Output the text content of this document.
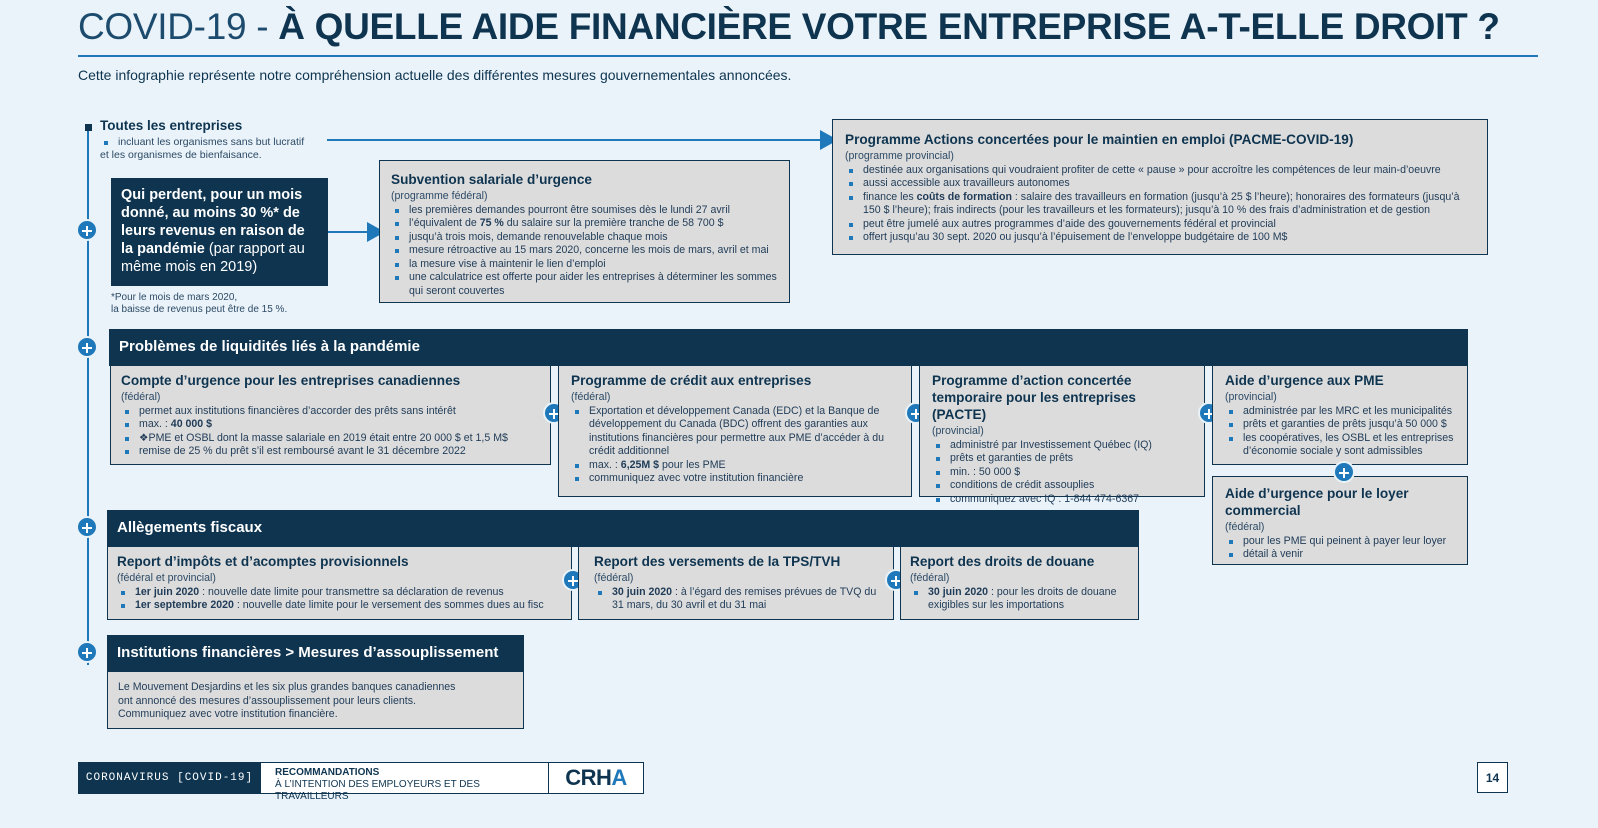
COVID-19 - À QUELLE AIDE FINANCIÈRE VOTRE ENTREPRISE A-T-ELLE DROIT ?
Cette infographie représente notre compréhension actuelle des différentes mesures gouvernementales annoncées.
Toutes les entreprises
incluant les organismes sans but lucratif
et les organismes de bienfaisance.
Qui perdent, pour un mois donné, au moins 30 %* de leurs revenus en raison de la pandémie (par rapport au même mois en 2019)
*Pour le mois de mars 2020,
la baisse de revenus peut être de 15 %.
Programme Actions concertées pour le maintien en emploi (PACME-COVID-19)
(programme provincial)
destinée aux organisations qui voudraient profiter de cette « pause » pour accroître les compétences de leur main-d’oeuvre
aussi accessible aux travailleurs autonomes
finance les coûts de formation : salaire des travailleurs en formation (jusqu’à 25 $ l’heure); honoraires des formateurs (jusqu’à 150 $ l’heure); frais indirects (pour les travailleurs et les formateurs); jusqu’à 10 % des frais d’administration et de gestion
peut être jumelé aux autres programmes d’aide des gouvernements fédéral et provincial
offert jusqu’au 30 sept. 2020 ou jusqu’à l’épuisement de l’enveloppe budgétaire de 100 M$
Subvention salariale d’urgence
(programme fédéral)
les premières demandes pourront être soumises dès le lundi 27 avril
l’équivalent de 75 % du salaire sur la première tranche de 58 700 $
jusqu’à trois mois, demande renouvelable chaque mois
mesure rétroactive au 15 mars 2020, concerne les mois de mars, avril et mai
la mesure vise à maintenir le lien d’emploi
une calculatrice est offerte pour aider les entreprises à déterminer les sommes qui seront couvertes
Problèmes de liquidités liés à la pandémie
Compte d’urgence pour les entreprises canadiennes
(fédéral)
permet aux institutions financières d’accorder des prêts sans intérêt
max. : 40 000 $
❖PME et OSBL dont la masse salariale en 2019 était entre 20 000 $ et 1,5 M$
remise de 25 % du prêt s’il est remboursé avant le 31 décembre 2022
Programme de crédit aux entreprises
(fédéral)
Exportation et développement Canada (EDC) et la Banque de développement du Canada (BDC) offrent des garanties aux institutions financières pour permettre aux PME d’accéder à du crédit additionnel
max. : 6,25M $ pour les PME
communiquez avec votre institution financière
Programme d’action concertée temporaire pour les entreprises (PACTE)
(provincial)
administré par Investissement Québec (IQ)
prêts et garanties de prêts
min. : 50 000 $
conditions de crédit assouplies
communiquez avec IQ : 1-844 474-6367
Aide d’urgence aux PME
(provincial)
administrée par les MRC et les municipalités
prêts et garanties de prêts jusqu’à 50 000 $
les coopératives, les OSBL et les entreprises d’économie sociale y sont admissibles
Aide d’urgence pour le loyer commercial
(fédéral)
pour les PME qui peinent à payer leur loyer
détail à venir
Allègements fiscaux
Report d’impôts et d’acomptes provisionnels
(fédéral et provincial)
1er juin 2020 : nouvelle date limite pour transmettre sa déclaration de revenus
1er septembre 2020 : nouvelle date limite pour le versement des sommes dues au fisc
Report des versements de la TPS/TVH
(fédéral)
30 juin 2020 : à l’égard des remises prévues de TVQ du 31 mars, du 30 avril et du 31 mai
Report des droits de douane
(fédéral)
30 juin 2020 : pour les droits de douane exigibles sur les importations
Institutions financières > Mesures d’assouplissement
Le Mouvement Desjardins et les six plus grandes banques canadiennes
ont annoncé des mesures d’assouplissement pour leurs clients.
Communiquez avec votre institution financière.
CORONAVIRUS [COVID-19]	RECOMMANDATIONS
À L’INTENTION DES EMPLOYEURS ET DES TRAVAILLEURS
CRH A	14
